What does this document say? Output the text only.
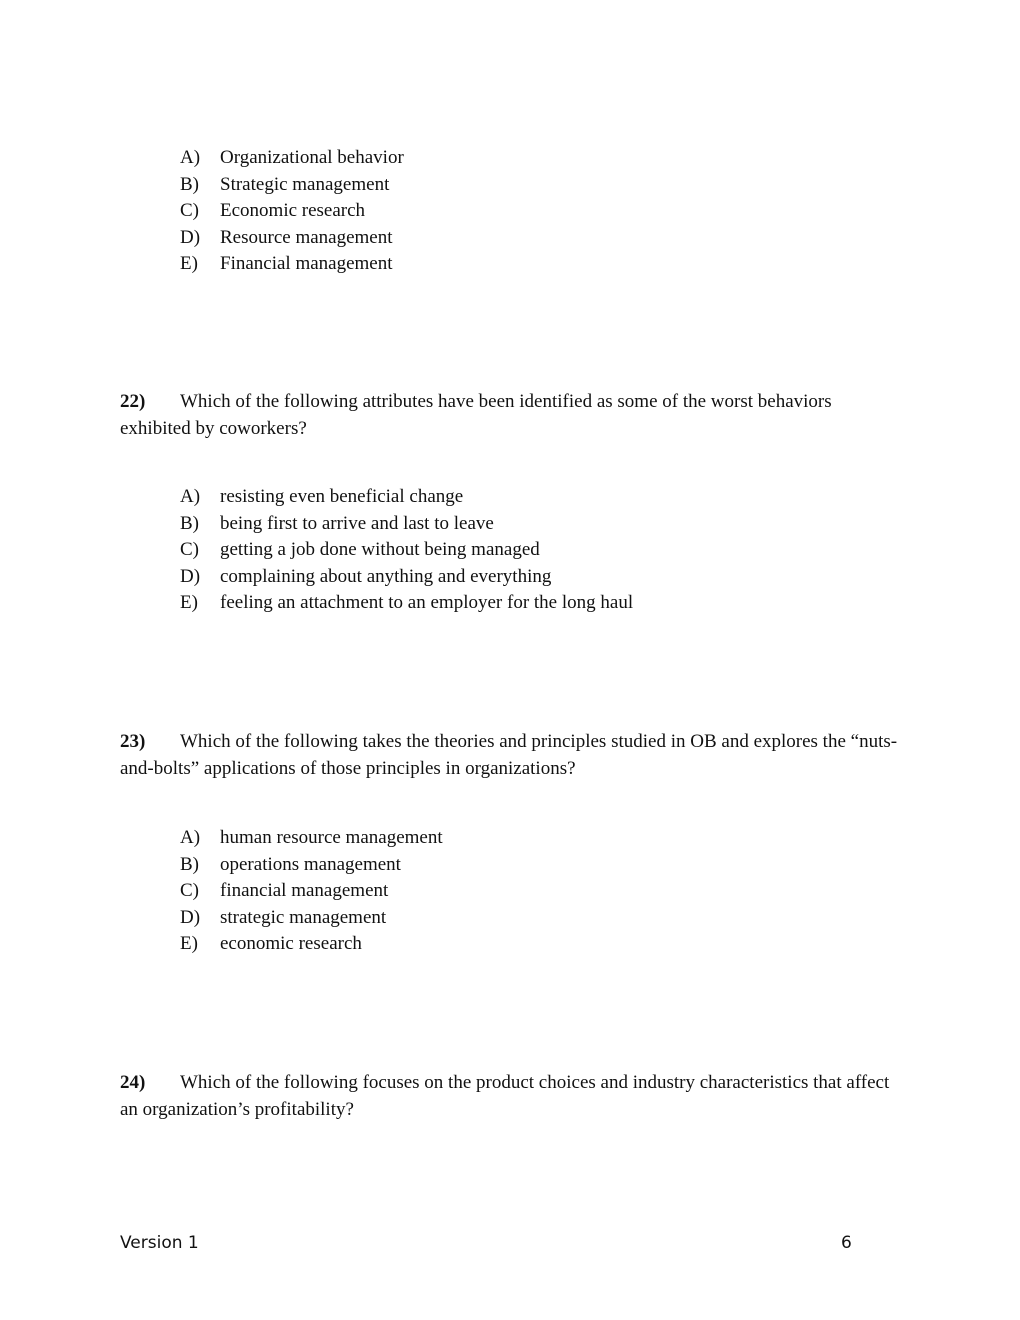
A) Organizational behavior
B) Strategic management
C) Economic research
D) Resource management
E) Financial management

22) Which of the following attributes have been identified as some of the worst behaviors exhibited by coworkers?

A) resisting even beneficial change
B) being first to arrive and last to leave
C) getting a job done without being managed
D) complaining about anything and everything
E) feeling an attachment to an employer for the long haul

23) Which of the following takes the theories and principles studied in OB and explores the “nuts-and-bolts” applications of those principles in organizations?

A) human resource management
B) operations management
C) financial management
D) strategic management
E) economic research

24) Which of the following focuses on the product choices and industry characteristics that affect an organization’s profitability?

Version 1	6
